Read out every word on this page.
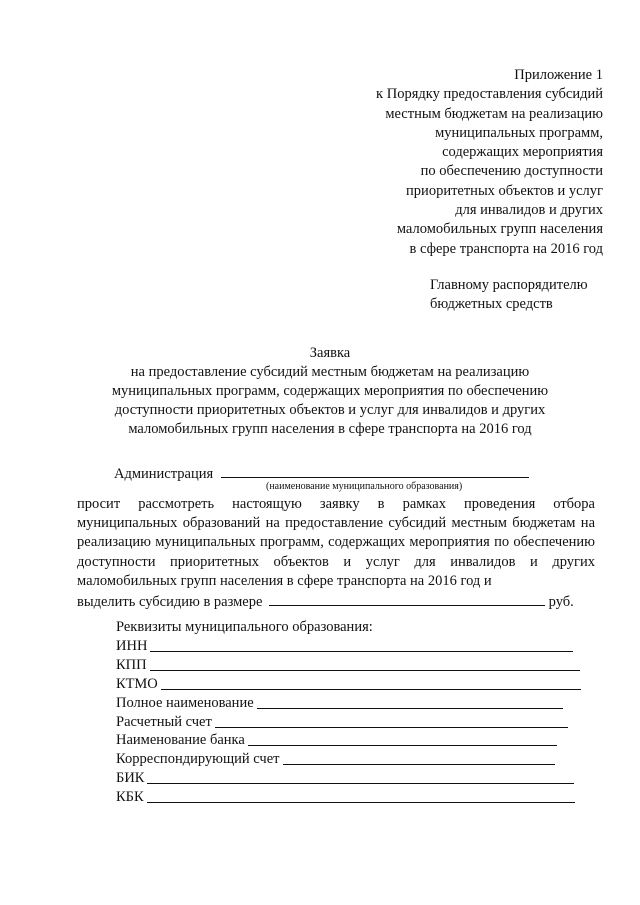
Приложение 1
к Порядку предоставления субсидий
местным бюджетам на реализацию
муниципальных программ,
содержащих мероприятия
по обеспечению доступности
приоритетных объектов и услуг
для инвалидов и других
маломобильных групп населения
в сфере транспорта на 2016 год
Главному распорядителю
бюджетных средств
Заявка
на предоставление субсидий местным бюджетам на реализацию
муниципальных программ, содержащих мероприятия по обеспечению
доступности приоритетных объектов и услуг для инвалидов и других
маломобильных групп населения в сфере транспорта на 2016 год
Администрация
(наименование муниципального образования)
просит рассмотреть настоящую заявку в рамках проведения отбора муниципальных образований на предоставление субсидий местным бюджетам на реализацию муниципальных программ, содержащих мероприятия по обеспечению доступности приоритетных объектов и услуг для инвалидов и других маломобильных групп населения в сфере транспорта на 2016 год и
выделить субсидию в размере	руб.
Реквизиты муниципального образования:
ИНН
КПП
КТМО
Полное наименование
Расчетный счет
Наименование банка
Корреспондирующий счет
БИК
КБК
